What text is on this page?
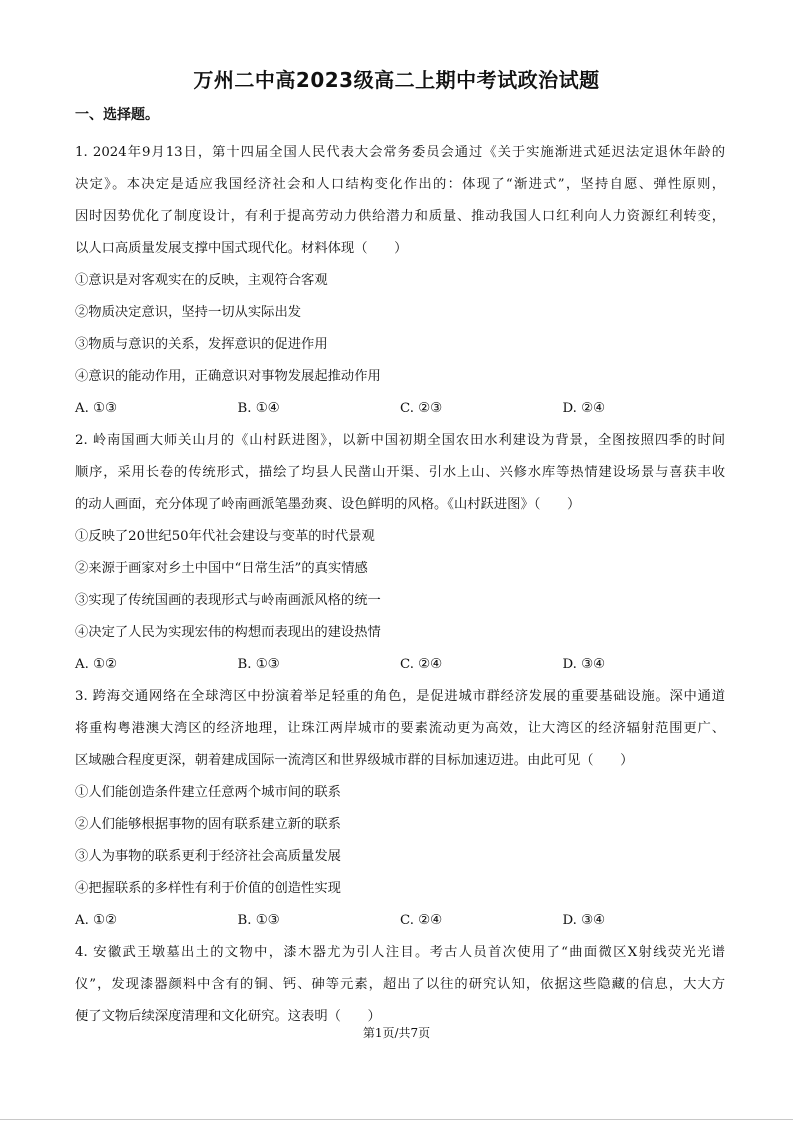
万州二中高2023级高二上期中考试政治试题
一、选择题。
1. 2024年9月13日，第十四届全国人民代表大会常务委员会通过《关于实施渐进式延迟法定退休年龄的
决定》。本决定是适应我国经济社会和人口结构变化作出的：体现了“渐进式”，坚持自愿、弹性原则，
因时因势优化了制度设计，有利于提高劳动力供给潜力和质量、推动我国人口红利向人力资源红利转变，
以人口高质量发展支撑中国式现代化。材料体现（　　）
①意识是对客观实在的反映，主观符合客观
②物质决定意识，坚持一切从实际出发
③物质与意识的关系，发挥意识的促进作用
④意识的能动作用，正确意识对事物发展起推动作用
A. ①③	B. ①④	C. ②③	D. ②④
2. 岭南国画大师关山月的《山村跃进图》，以新中国初期全国农田水利建设为背景，全图按照四季的时间
顺序，采用长卷的传统形式，描绘了均县人民凿山开渠、引水上山、兴修水库等热情建设场景与喜获丰收
的动人画面，充分体现了岭南画派笔墨劲爽、设色鲜明的风格。《山村跃进图》（　　）
①反映了20世纪50年代社会建设与变革的时代景观
②来源于画家对乡土中国中“日常生活”的真实情感
③实现了传统国画的表现形式与岭南画派风格的统一
④决定了人民为实现宏伟的构想而表现出的建设热情
A. ①②	B. ①③	C. ②④	D. ③④
3. 跨海交通网络在全球湾区中扮演着举足轻重的角色，是促进城市群经济发展的重要基础设施。深中通道
将重构粤港澳大湾区的经济地理，让珠江两岸城市的要素流动更为高效，让大湾区的经济辐射范围更广、
区域融合程度更深，朝着建成国际一流湾区和世界级城市群的目标加速迈进。由此可见（　　）
①人们能创造条件建立任意两个城市间的联系
②人们能够根据事物的固有联系建立新的联系
③人为事物的联系更利于经济社会高质量发展
④把握联系的多样性有利于价值的创造性实现
A. ①②	B. ①③	C. ②④	D. ③④
4. 安徽武王墩墓出土的文物中，漆木器尤为引人注目。考古人员首次使用了“曲面微区X射线荧光光谱
仪”，发现漆器颜料中含有的铜、钙、砷等元素，超出了以往的研究认知，依据这些隐藏的信息，大大方
便了文物后续深度清理和文化研究。这表明（　　）
第1页/共7页
